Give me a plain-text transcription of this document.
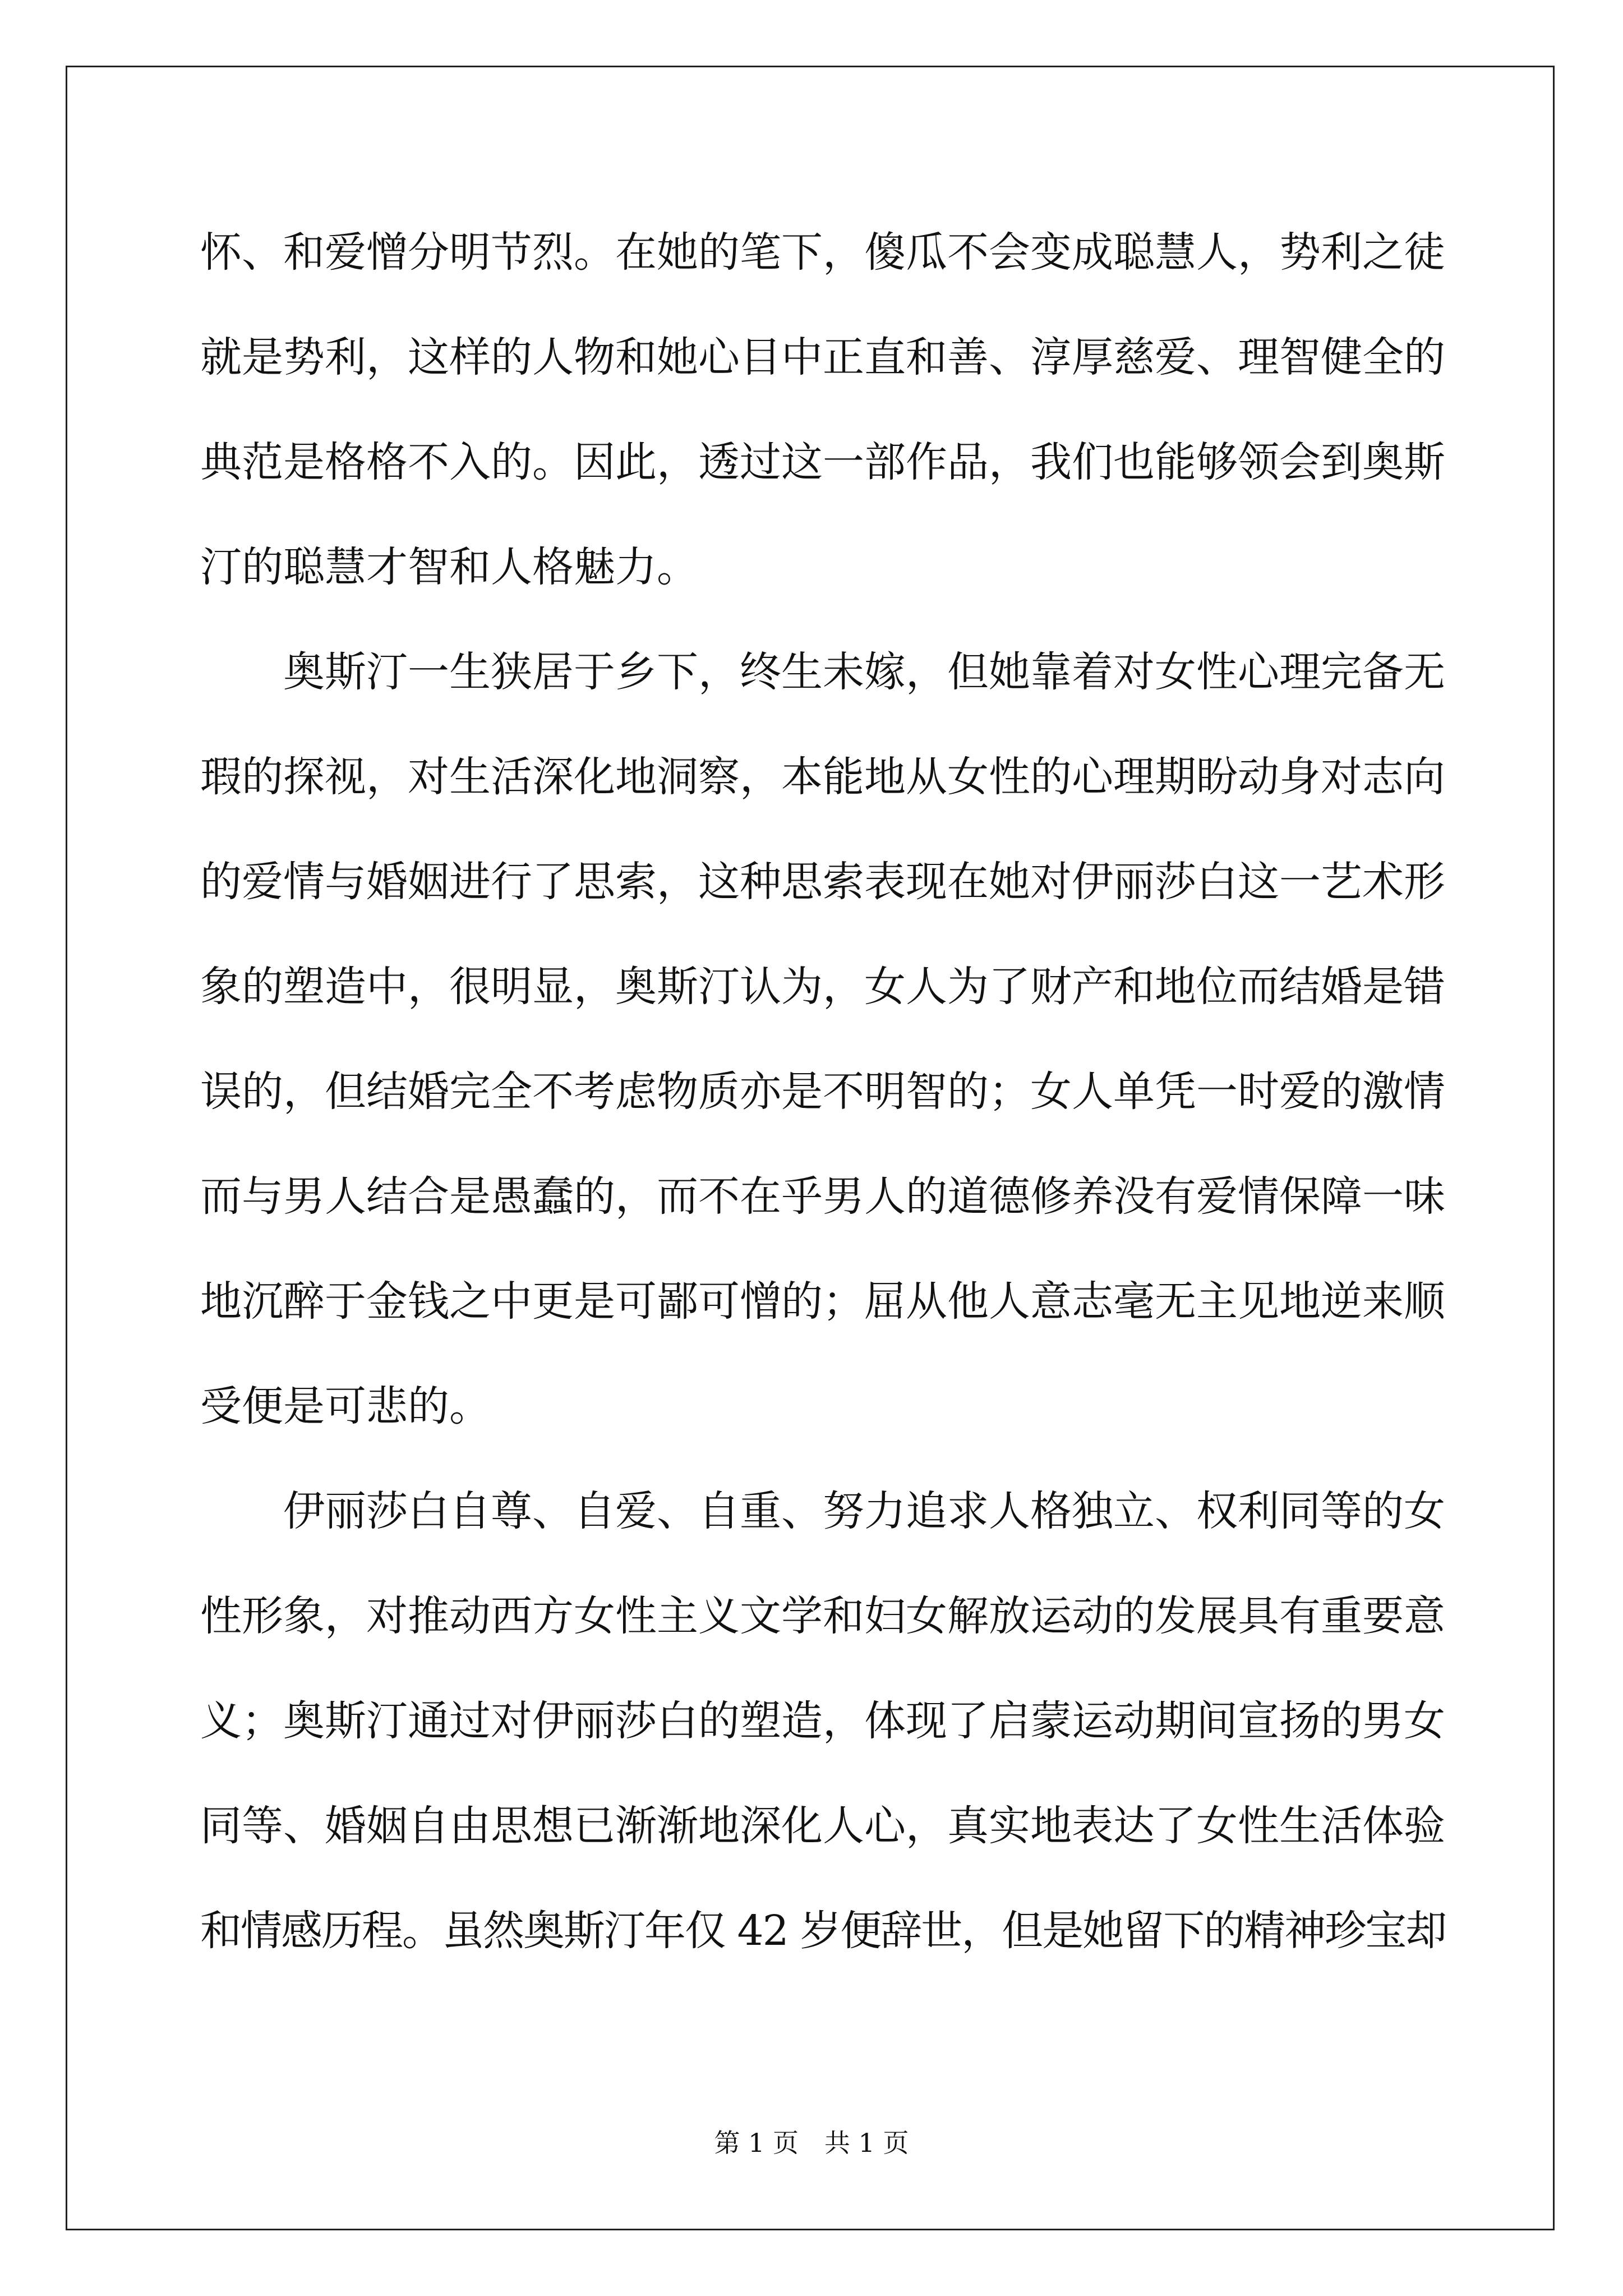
怀、和爱憎分明节烈。在她的笔下，傻瓜不会变成聪慧人，势利之徒
就是势利，这样的人物和她心目中正直和善、淳厚慈爱、理智健全的
典范是格格不入的。因此，透过这一部作品，我们也能够领会到奥斯
汀的聪慧才智和人格魅力。
　　奥斯汀一生狭居于乡下，终生未嫁，但她靠着对女性心理完备无
瑕的探视，对生活深化地洞察，本能地从女性的心理期盼动身对志向
的爱情与婚姻进行了思索，这种思索表现在她对伊丽莎白这一艺术形
象的塑造中，很明显，奥斯汀认为，女人为了财产和地位而结婚是错
误的，但结婚完全不考虑物质亦是不明智的；女人单凭一时爱的激情
而与男人结合是愚蠢的，而不在乎男人的道德修养没有爱情保障一味
地沉醉于金钱之中更是可鄙可憎的；屈从他人意志毫无主见地逆来顺
受便是可悲的。
　　伊丽莎白自尊、自爱、自重、努力追求人格独立、权利同等的女
性形象，对推动西方女性主义文学和妇女解放运动的发展具有重要意
义；奥斯汀通过对伊丽莎白的塑造，体现了启蒙运动期间宣扬的男女
同等、婚姻自由思想已渐渐地深化人心，真实地表达了女性生活体验
和情感历程。虽然奥斯汀年仅 42 岁便辞世，但是她留下的精神珍宝却
第 1 页　共 1 页
